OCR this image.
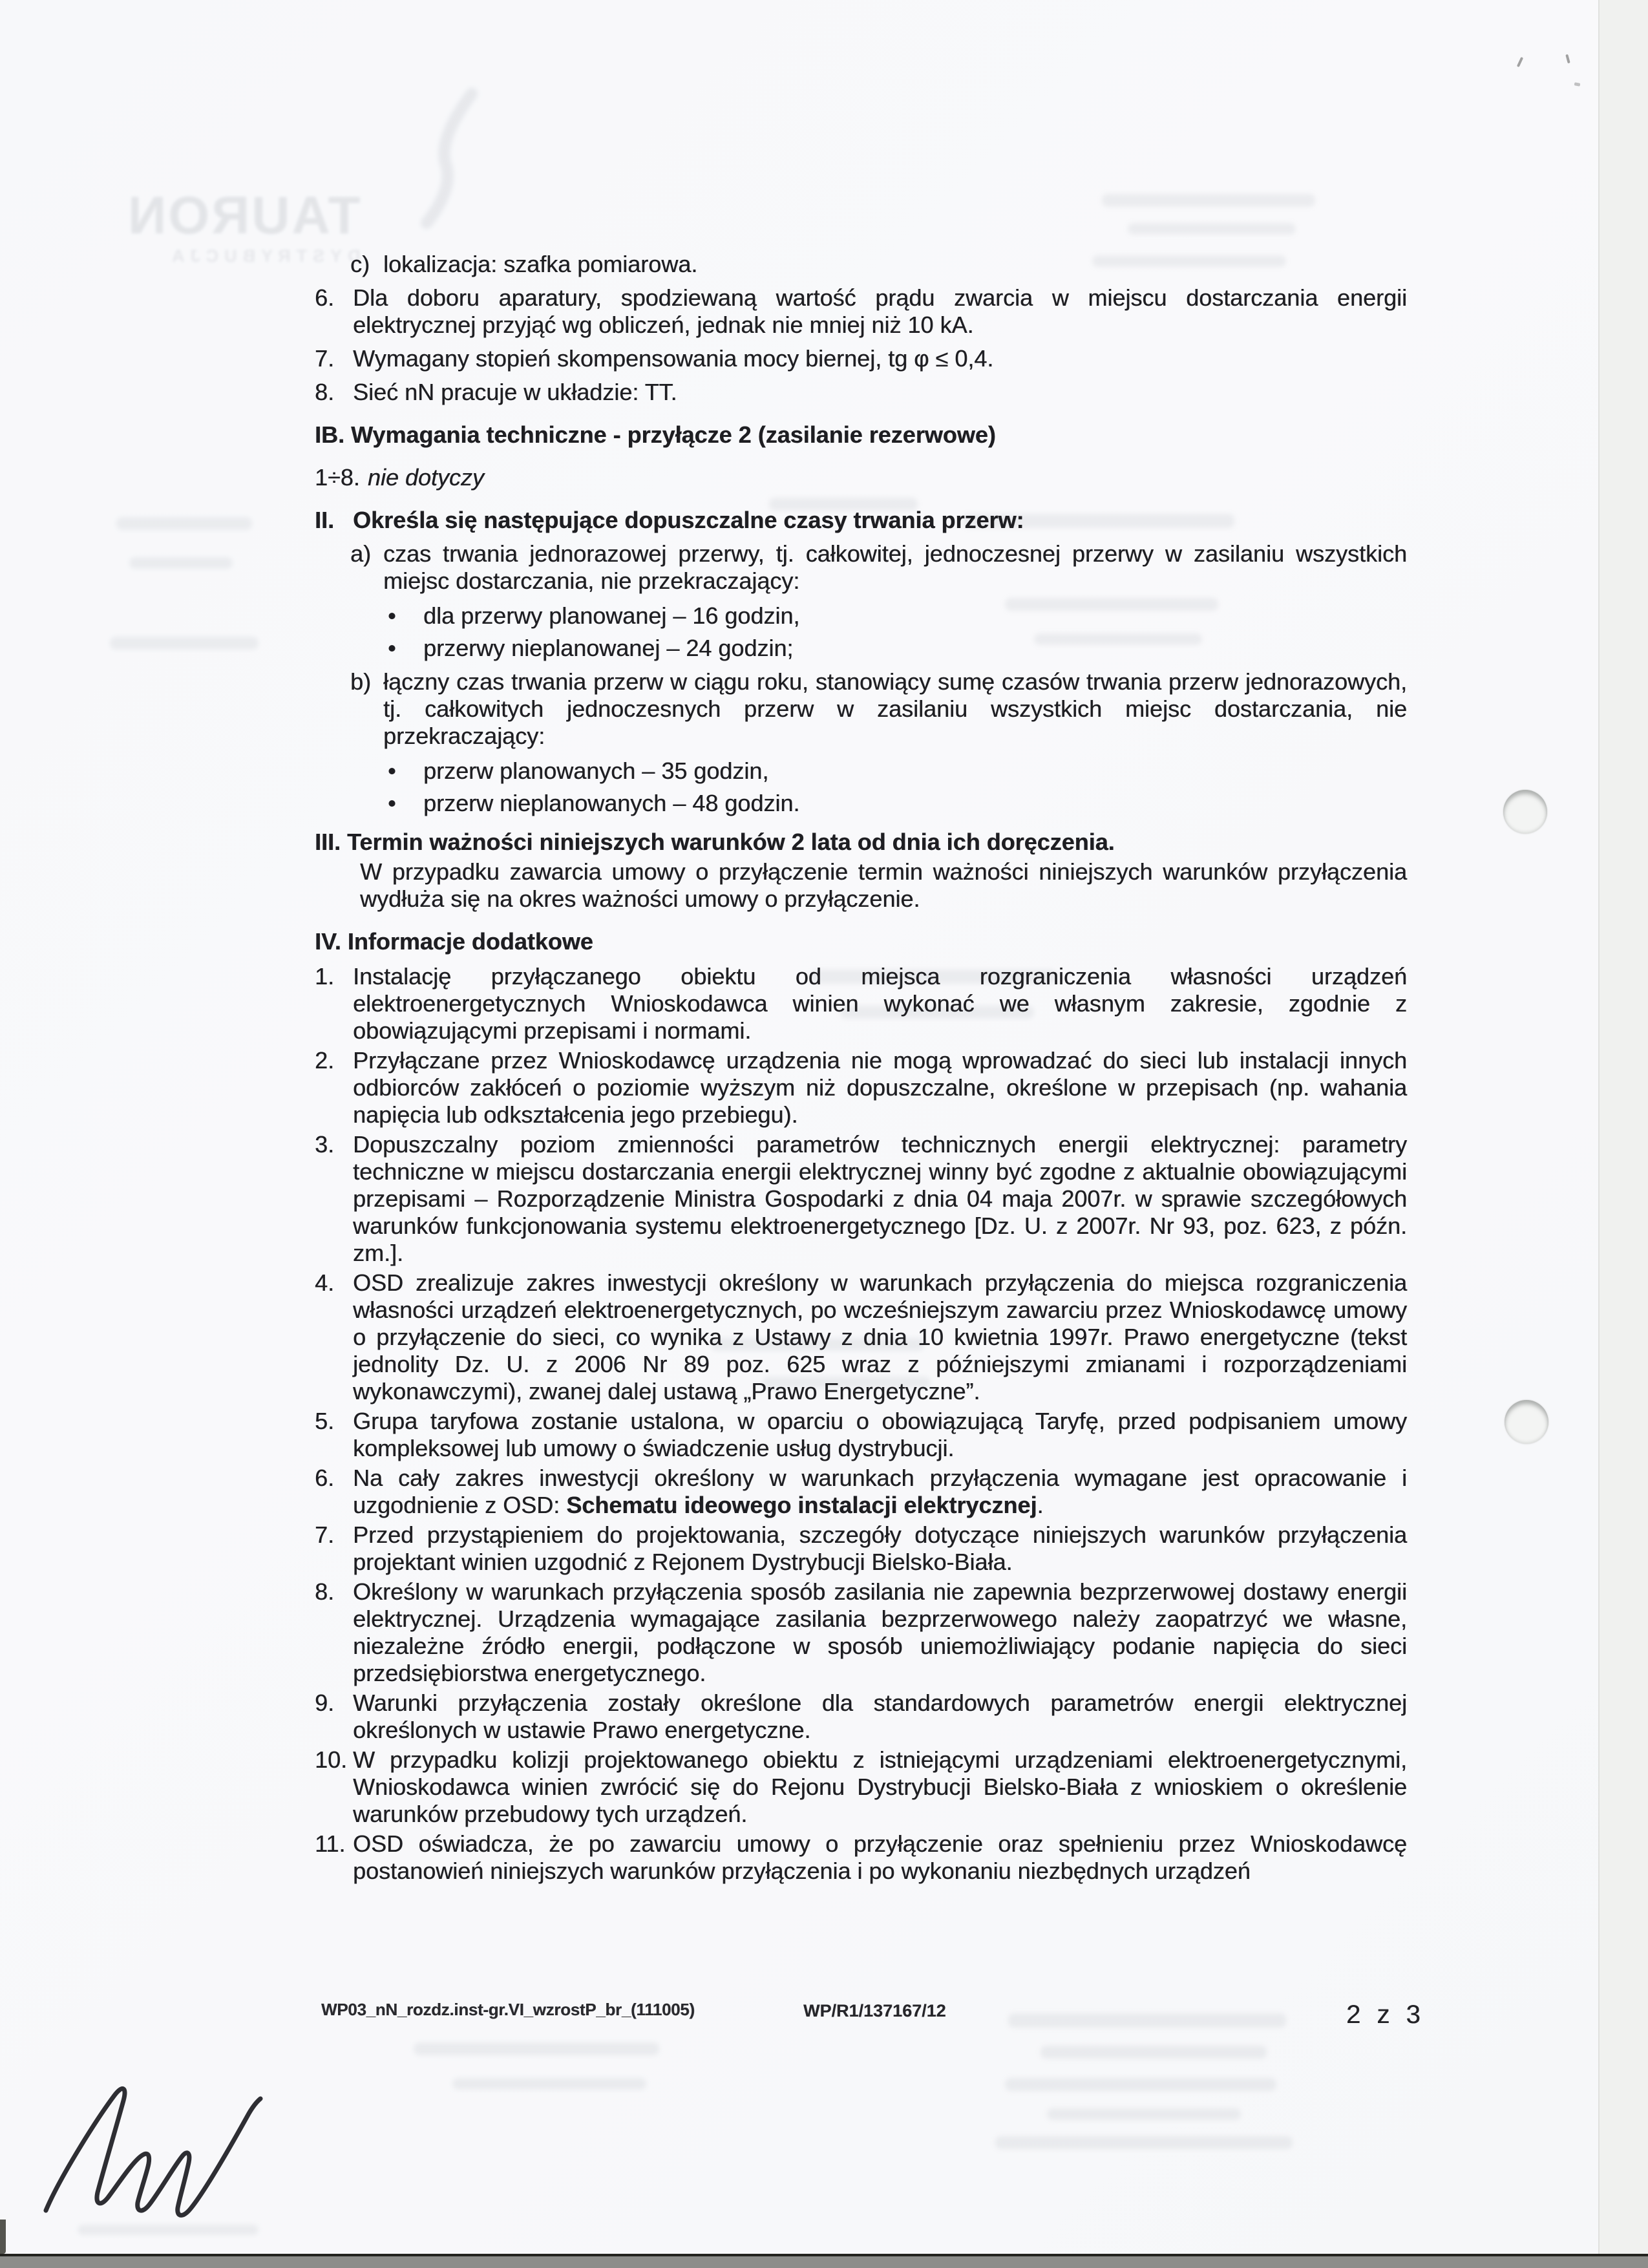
TAURON
DYSTRYBUCJA
c) lokalizacja: szafka pomiarowa.
6. Dla doboru aparatury, spodziewaną wartość prądu zwarcia w miejscu dostarczania energii elektrycznej przyjąć wg obliczeń, jednak nie mniej niż 10 kA.
7. Wymagany stopień skompensowania mocy biernej, tg φ ≤ 0,4.
8. Sieć nN pracuje w układzie: TT.
IB. Wymagania techniczne - przyłącze 2 (zasilanie rezerwowe)
1÷8. nie dotyczy
II. Określa się następujące dopuszczalne czasy trwania przerw:
a) czas trwania jednorazowej przerwy, tj. całkowitej, jednoczesnej przerwy w zasilaniu wszystkich miejsc dostarczania, nie przekraczający:
•	dla przerwy planowanej – 16 godzin,
•	przerwy nieplanowanej – 24 godzin;
b) łączny czas trwania przerw w ciągu roku, stanowiący sumę czasów trwania przerw jednorazowych, tj. całkowitych jednoczesnych przerw w zasilaniu wszystkich miejsc dostarczania, nie przekraczający:
•	przerw planowanych – 35 godzin,
•	przerw nieplanowanych – 48 godzin.
III. Termin ważności niniejszych warunków 2 lata od dnia ich doręczenia.
W przypadku zawarcia umowy o przyłączenie termin ważności niniejszych warunków przyłączenia wydłuża się na okres ważności umowy o przyłączenie.
IV. Informacje dodatkowe
1. Instalację przyłączanego obiektu od miejsca rozgraniczenia własności urządzeń elektroenergetycznych Wnioskodawca winien wykonać we własnym zakresie, zgodnie z obowiązującymi przepisami i normami.
2. Przyłączane przez Wnioskodawcę urządzenia nie mogą wprowadzać do sieci lub instalacji innych odbiorców zakłóceń o poziomie wyższym niż dopuszczalne, określone w przepisach (np. wahania napięcia lub odkształcenia jego przebiegu).
3. Dopuszczalny poziom zmienności parametrów technicznych energii elektrycznej: parametry techniczne w miejscu dostarczania energii elektrycznej winny być zgodne z aktualnie obowiązującymi przepisami – Rozporządzenie Ministra Gospodarki z dnia 04 maja 2007r. w sprawie szczegółowych warunków funkcjonowania systemu elektroenergetycznego [Dz. U. z 2007r. Nr 93, poz. 623, z późn. zm.].
4. OSD zrealizuje zakres inwestycji określony w warunkach przyłączenia do miejsca rozgraniczenia własności urządzeń elektroenergetycznych, po wcześniejszym zawarciu przez Wnioskodawcę umowy o przyłączenie do sieci, co wynika z Ustawy z dnia 10 kwietnia 1997r. Prawo energetyczne (tekst jednolity Dz. U. z 2006 Nr 89 poz. 625 wraz z późniejszymi zmianami i rozporządzeniami wykonawczymi), zwanej dalej ustawą „Prawo Energetyczne”.
5. Grupa taryfowa zostanie ustalona, w oparciu o obowiązującą Taryfę, przed podpisaniem umowy kompleksowej lub umowy o świadczenie usług dystrybucji.
6. Na cały zakres inwestycji określony w warunkach przyłączenia wymagane jest opracowanie i uzgodnienie z OSD: Schematu ideowego instalacji elektrycznej.
7. Przed przystąpieniem do projektowania, szczegóły dotyczące niniejszych warunków przyłączenia projektant winien uzgodnić z Rejonem Dystrybucji Bielsko-Biała.
8. Określony w warunkach przyłączenia sposób zasilania nie zapewnia bezprzerwowej dostawy energii elektrycznej. Urządzenia wymagające zasilania bezprzerwowego należy zaopatrzyć we własne, niezależne źródło energii, podłączone w sposób uniemożliwiający podanie napięcia do sieci przedsiębiorstwa energetycznego.
9. Warunki przyłączenia zostały określone dla standardowych parametrów energii elektrycznej określonych w ustawie Prawo energetyczne.
10. W przypadku kolizji projektowanego obiektu z istniejącymi urządzeniami elektroenergetycznymi, Wnioskodawca winien zwrócić się do Rejonu Dystrybucji Bielsko-Biała z wnioskiem o określenie warunków przebudowy tych urządzeń.
11. OSD oświadcza, że po zawarciu umowy o przyłączenie oraz spełnieniu przez Wnioskodawcę postanowień niniejszych warunków przyłączenia i po wykonaniu niezbędnych urządzeń
WP03_nN_rozdz.inst-gr.VI_wzrostP_br_(111005)	WP/R1/137167/12	2 z 3
